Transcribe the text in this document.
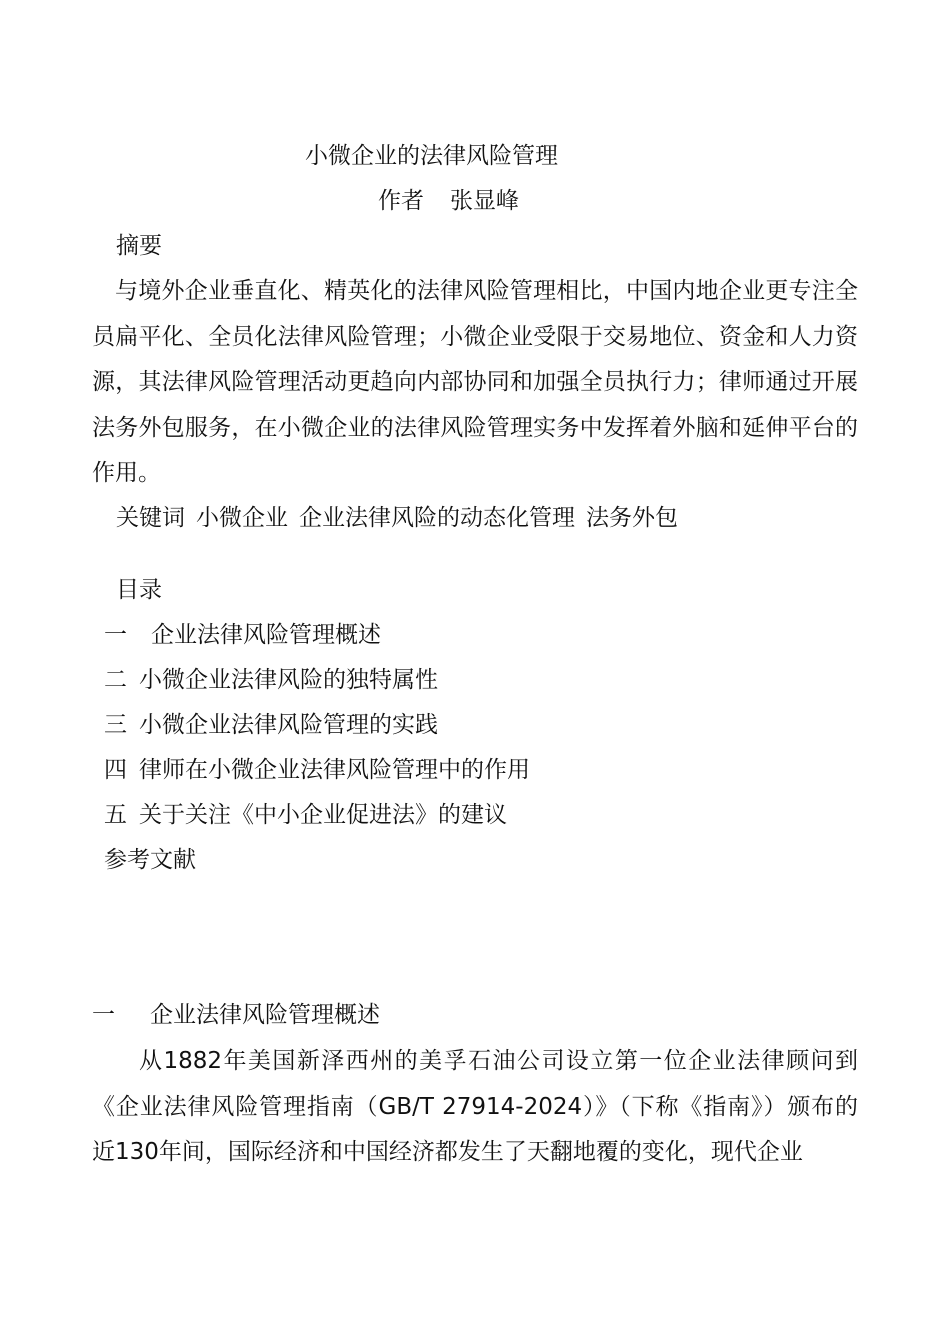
小微企业的法律风险管理
作者 张显峰
摘要
与境外企业垂直化、精英化的法律风险管理相比，中国内地企业更专注全员扁平化、全员化法律风险管理；小微企业受限于交易地位、资金和人力资源，其法律风险管理活动更趋向内部协同和加强全员执行力；律师通过开展法务外包服务，在小微企业的法律风险管理实务中发挥着外脑和延伸平台的作用。
关键词 小微企业 企业法律风险的动态化管理 法务外包
目录
一 企业法律风险管理概述
二 小微企业法律风险的独特属性
三 小微企业法律风险管理的实践
四 律师在小微企业法律风险管理中的作用
五 关于关注《中小企业促进法》的建议
参考文献
一 企业法律风险管理概述
从1882年美国新泽西州的美孚石油公司设立第一位企业法律顾问到《企业法律风险管理指南（GB/T 27914-2024）》（下称《指南》）颁布的近130年间，国际经济和中国经济都发生了天翻地覆的变化，现代企业
